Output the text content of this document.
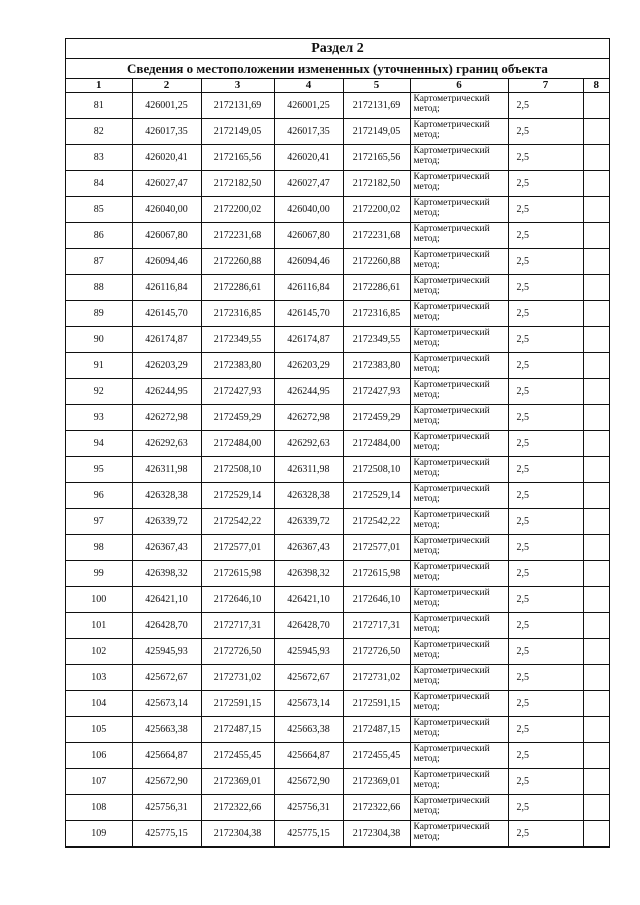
Раздел 2
Сведения о местоположении измененных (уточненных) границ объекта
1	2	3	4	5	6	7	8
81	426001,25	2172131,69	426001,25	2172131,69	Картометрический метод;	2,5	
82	426017,35	2172149,05	426017,35	2172149,05	Картометрический метод;	2,5	
83	426020,41	2172165,56	426020,41	2172165,56	Картометрический метод;	2,5	
84	426027,47	2172182,50	426027,47	2172182,50	Картометрический метод;	2,5	
85	426040,00	2172200,02	426040,00	2172200,02	Картометрический метод;	2,5	
86	426067,80	2172231,68	426067,80	2172231,68	Картометрический метод;	2,5	
87	426094,46	2172260,88	426094,46	2172260,88	Картометрический метод;	2,5	
88	426116,84	2172286,61	426116,84	2172286,61	Картометрический метод;	2,5	
89	426145,70	2172316,85	426145,70	2172316,85	Картометрический метод;	2,5	
90	426174,87	2172349,55	426174,87	2172349,55	Картометрический метод;	2,5	
91	426203,29	2172383,80	426203,29	2172383,80	Картометрический метод;	2,5	
92	426244,95	2172427,93	426244,95	2172427,93	Картометрический метод;	2,5	
93	426272,98	2172459,29	426272,98	2172459,29	Картометрический метод;	2,5	
94	426292,63	2172484,00	426292,63	2172484,00	Картометрический метод;	2,5	
95	426311,98	2172508,10	426311,98	2172508,10	Картометрический метод;	2,5	
96	426328,38	2172529,14	426328,38	2172529,14	Картометрический метод;	2,5	
97	426339,72	2172542,22	426339,72	2172542,22	Картометрический метод;	2,5	
98	426367,43	2172577,01	426367,43	2172577,01	Картометрический метод;	2,5	
99	426398,32	2172615,98	426398,32	2172615,98	Картометрический метод;	2,5	
100	426421,10	2172646,10	426421,10	2172646,10	Картометрический метод;	2,5	
101	426428,70	2172717,31	426428,70	2172717,31	Картометрический метод;	2,5	
102	425945,93	2172726,50	425945,93	2172726,50	Картометрический метод;	2,5	
103	425672,67	2172731,02	425672,67	2172731,02	Картометрический метод;	2,5	
104	425673,14	2172591,15	425673,14	2172591,15	Картометрический метод;	2,5	
105	425663,38	2172487,15	425663,38	2172487,15	Картометрический метод;	2,5	
106	425664,87	2172455,45	425664,87	2172455,45	Картометрический метод;	2,5	
107	425672,90	2172369,01	425672,90	2172369,01	Картометрический метод;	2,5	
108	425756,31	2172322,66	425756,31	2172322,66	Картометрический метод;	2,5	
109	425775,15	2172304,38	425775,15	2172304,38	Картометрический метод;	2,5	
